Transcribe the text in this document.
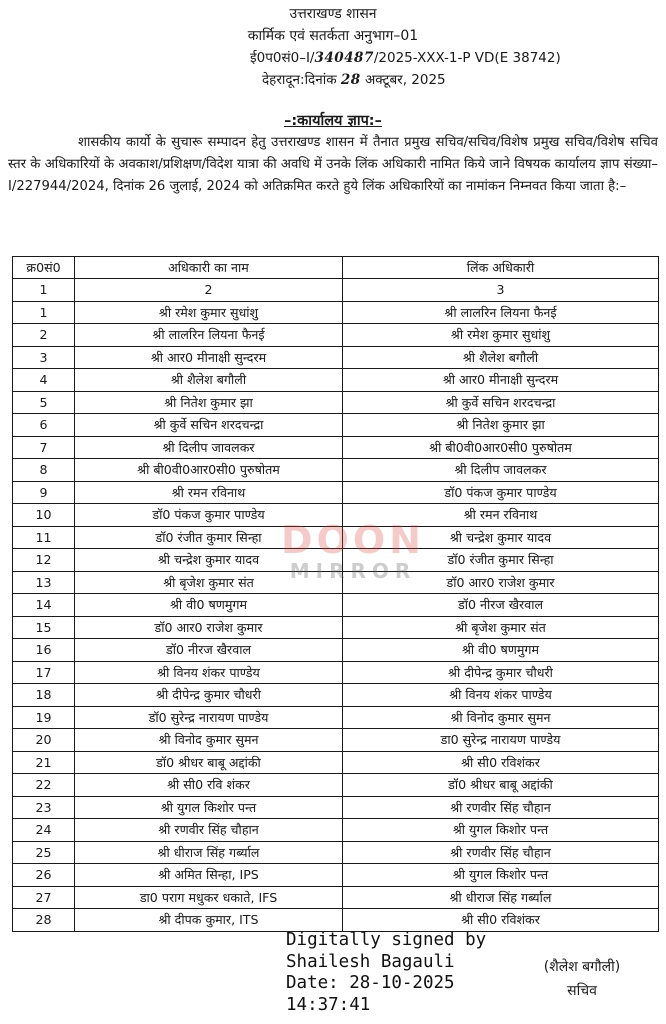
उत्तराखण्ड शासन
कार्मिक एवं सतर्कता अनुभाग–01
ई0प0सं0–I/340487/2025-XXX-1-P VD(E 38742)
देहरादून:दिनांक 28 अक्टूबर, 2025
–:कार्यालय ज्ञाप:–
शासकीय कार्यो के सुचारू सम्पादन हेतु उत्तराखण्ड शासन में तैनात प्रमुख सचिव/सचिव/विशेष प्रमुख सचिव/विशेष सचिव स्तर के अधिकारियों के अवकाश/प्रशिक्षण/विदेश यात्रा की अवधि में उनके लिंक अधिकारी नामित किये जाने विषयक कार्यालय ज्ञाप संख्या–I/227944/2024, दिनांक 26 जुलाई, 2024 को अतिक्रमित करते हुये लिंक अधिकारियों का नामांकन निम्नवत किया जाता है:–
क्र0सं0	अधिकारी का नाम	लिंक अधिकारी
1	2	3
1	श्री रमेश कुमार सुधांशु	श्री लालरिन लियना फैनई
2	श्री लालरिन लियना फैनई	श्री रमेश कुमार सुधांशु
3	श्री आर0 मीनाक्षी सुन्दरम	श्री शैलेश बगौली
4	श्री शैलेश बगौली	श्री आर0 मीनाक्षी सुन्दरम
5	श्री नितेश कुमार झा	श्री कुर्वे सचिन शरदचन्द्रा
6	श्री कुर्वे सचिन शरदचन्द्रा	श्री नितेश कुमार झा
7	श्री दिलीप जावलकर	श्री बी0वी0आर0सी0 पुरुषोतम
8	श्री बी0वी0आर0सी0 पुरुषोतम	श्री दिलीप जावलकर
9	श्री रमन रविनाथ	डॉ0 पंकज कुमार पाण्डेय
10	डॉ0 पंकज कुमार पाण्डेय	श्री रमन रविनाथ
11	डॉ0 रंजीत कुमार सिन्हा	श्री चन्द्रेश कुमार यादव
12	श्री चन्द्रेश कुमार यादव	डॉ0 रंजीत कुमार सिन्हा
13	श्री बृजेश कुमार संत	डॉ0 आर0 राजेश कुमार
14	श्री वी0 षणमुगम	डॉ0 नीरज खैरवाल
15	डॉ0 आर0 राजेश कुमार	श्री बृजेश कुमार संत
16	डॉ0 नीरज खैरवाल	श्री वी0 षणमुगम
17	श्री विनय शंकर पाण्डेय	श्री दीपेन्द्र कुमार चौधरी
18	श्री दीपेन्द्र कुमार चौधरी	श्री विनय शंकर पाण्डेय
19	डॉ0 सुरेन्द्र नारायण पाण्डेय	श्री विनोद कुमार सुमन
20	श्री विनोद कुमार सुमन	डा0 सुरेन्द्र नारायण पाण्डेय
21	डॉ0 श्रीधर बाबू अद्दांकी	श्री सी0 रविशंकर
22	श्री सी0 रवि शंकर	डॉ0 श्रीधर बाबू अद्दांकी
23	श्री युगल किशोर पन्त	श्री रणवीर सिंह चौहान
24	श्री रणवीर सिंह चौहान	श्री युगल किशोर पन्त
25	श्री धीराज सिंह गर्ब्याल	श्री रणवीर सिंह चौहान
26	श्री अमित सिन्हा, IPS	श्री युगल किशोर पन्त
27	डा0 पराग मधुकर धकाते, IFS	श्री धीराज सिंह गर्ब्याल
28	श्री दीपक कुमार, ITS	श्री सी0 रविशंकर
DOON
MIRROR
Digitally signed by
Shailesh Bagauli
Date: 28-10-2025
14:37:41
(शैलेश बगौली)
सचिव
